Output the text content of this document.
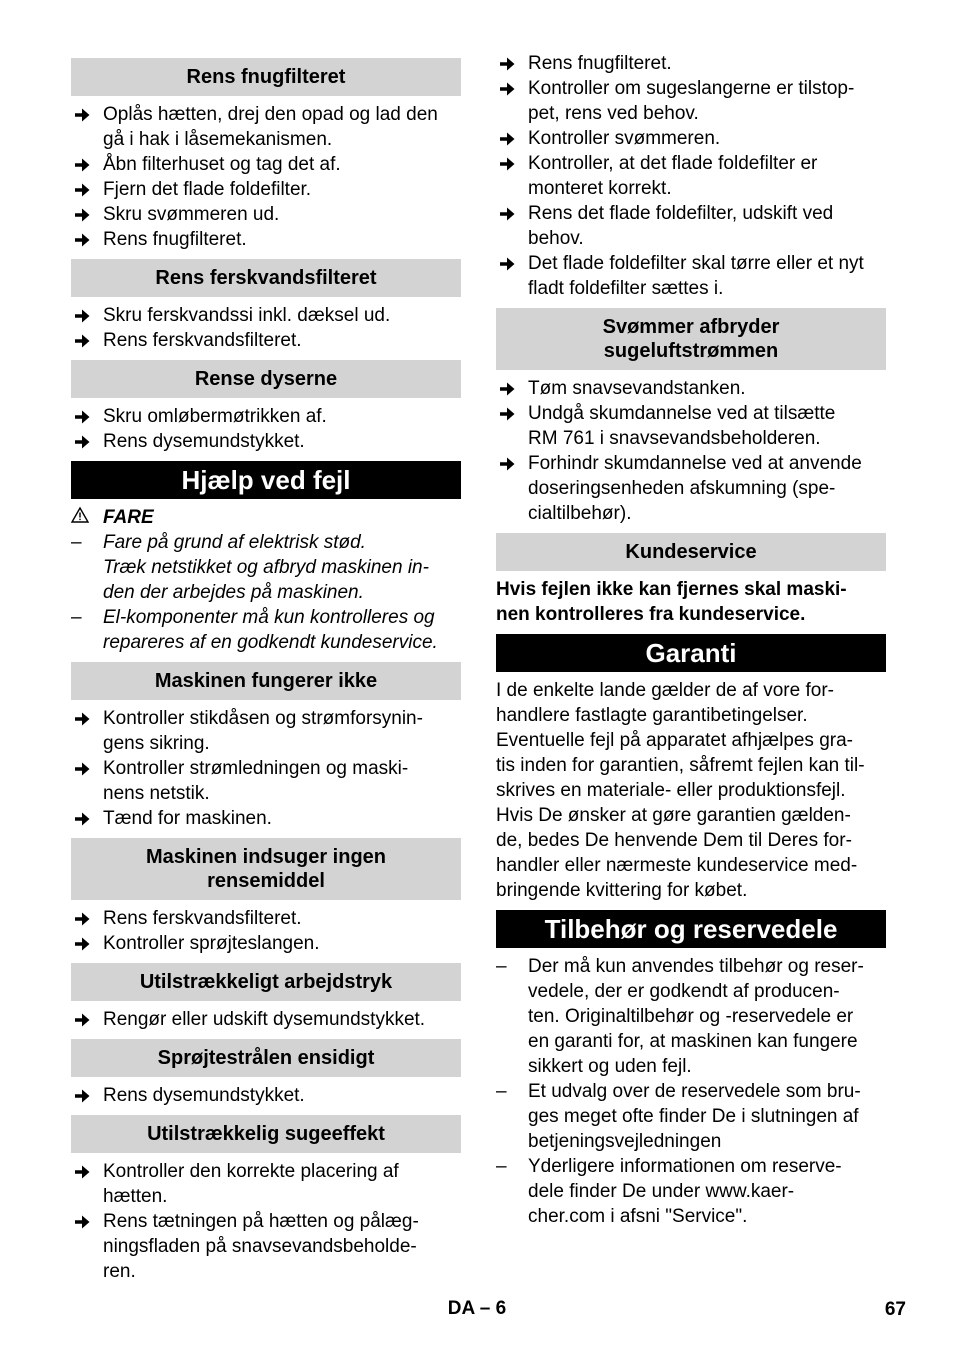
Rens fnugfilteret
Oplås hætten, drej den opad og lad den
gå i hak i låsemekanismen.
Åbn filterhuset og tag det af.
Fjern det flade foldefilter.
Skru svømmeren ud.
Rens fnugfilteret.
Rens ferskvandsfilteret
Skru ferskvandssi inkl. dæksel ud.
Rens ferskvandsfilteret.
Rense dyserne
Skru omløbermøtrikken af.
Rens dysemundstykket.
Hjælp ved fejl
FARE
–	Fare på grund af elektrisk stød.
Træk netstikket og afbryd maskinen in-
den der arbejdes på maskinen.
–	El-komponenter må kun kontrolleres og
repareres af en godkendt kundeservice.
Maskinen fungerer ikke
Kontroller stikdåsen og strømforsynin-
gens sikring.
Kontroller strømledningen og maski-
nens netstik.
Tænd for maskinen.
Maskinen indsuger ingen
rensemiddel
Rens ferskvandsfilteret.
Kontroller sprøjteslangen.
Utilstrækkeligt arbejdstryk
Rengør eller udskift dysemundstykket.
Sprøjtestrålen ensidigt
Rens dysemundstykket.
Utilstrækkelig sugeeffekt
Kontroller den korrekte placering af
hætten.
Rens tætningen på hætten og pålæg-
ningsfladen på snavsevandsbeholde-
ren.
Rens fnugfilteret.
Kontroller om sugeslangerne er tilstop-
pet, rens ved behov.
Kontroller svømmeren.
Kontroller, at det flade foldefilter er
monteret korrekt.
Rens det flade foldefilter, udskift ved
behov.
Det flade foldefilter skal tørre eller et nyt
fladt foldefilter sættes i.
Svømmer afbryder
sugeluftstrømmen
Tøm snavsevandstanken.
Undgå skumdannelse ved at tilsætte
RM 761 i snavsevandsbeholderen.
Forhindr skumdannelse ved at anvende
doseringsenheden afskumning (spe-
cialtilbehør).
Kundeservice

Hvis fejlen ikke kan fjernes skal maski-
nen kontrolleres fra kundeservice.

Garanti

I de enkelte lande gælder de af vore for-
handlere fastlagte garantibetingelser.
Eventuelle fejl på apparatet afhjælpes gra-
tis inden for garantien, såfremt fejlen kan til-
skrives en materiale- eller produktionsfejl.
Hvis De ønsker at gøre garantien gælden-
de, bedes De henvende Dem til Deres for-
handler eller nærmeste kundeservice med-
bringende kvittering for købet.

Tilbehør og reservedele
–	Der må kun anvendes tilbehør og reser-
vedele, der er godkendt af producen-
ten. Originaltilbehør og -reservedele er
en garanti for, at maskinen kan fungere
sikkert og uden fejl.
–	Et udvalg over de reservedele som bru-
ges meget ofte finder De i slutningen af
betjeningsvejledningen
–	Yderligere informationen om reserve-
dele finder De under www.kaer-
cher.com i afsni "Service".
DA – 6	67
